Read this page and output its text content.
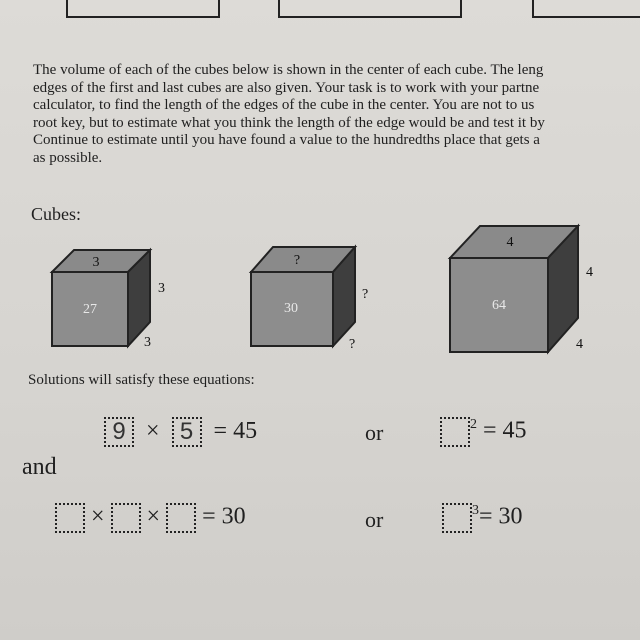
The volume of each of the cubes below is shown in the center of each cube. The leng
edges of the first and last cubes are also given. Your task is to work with your partne
calculator, to find the length of the edges of the cube in the center. You are not to us
root key, but to estimate what you think the length of the edge would be and test it by
Continue to estimate until you have found a value to the hundredths place that gets a
as possible.
Cubes:
27
3
3
3
30
?
?
?
64
4
4
4
Solutions will satisfy these equations:
9 × 5 = 45	or	$^2$ = 45
and
× × = 30	or	$^3$= 30
